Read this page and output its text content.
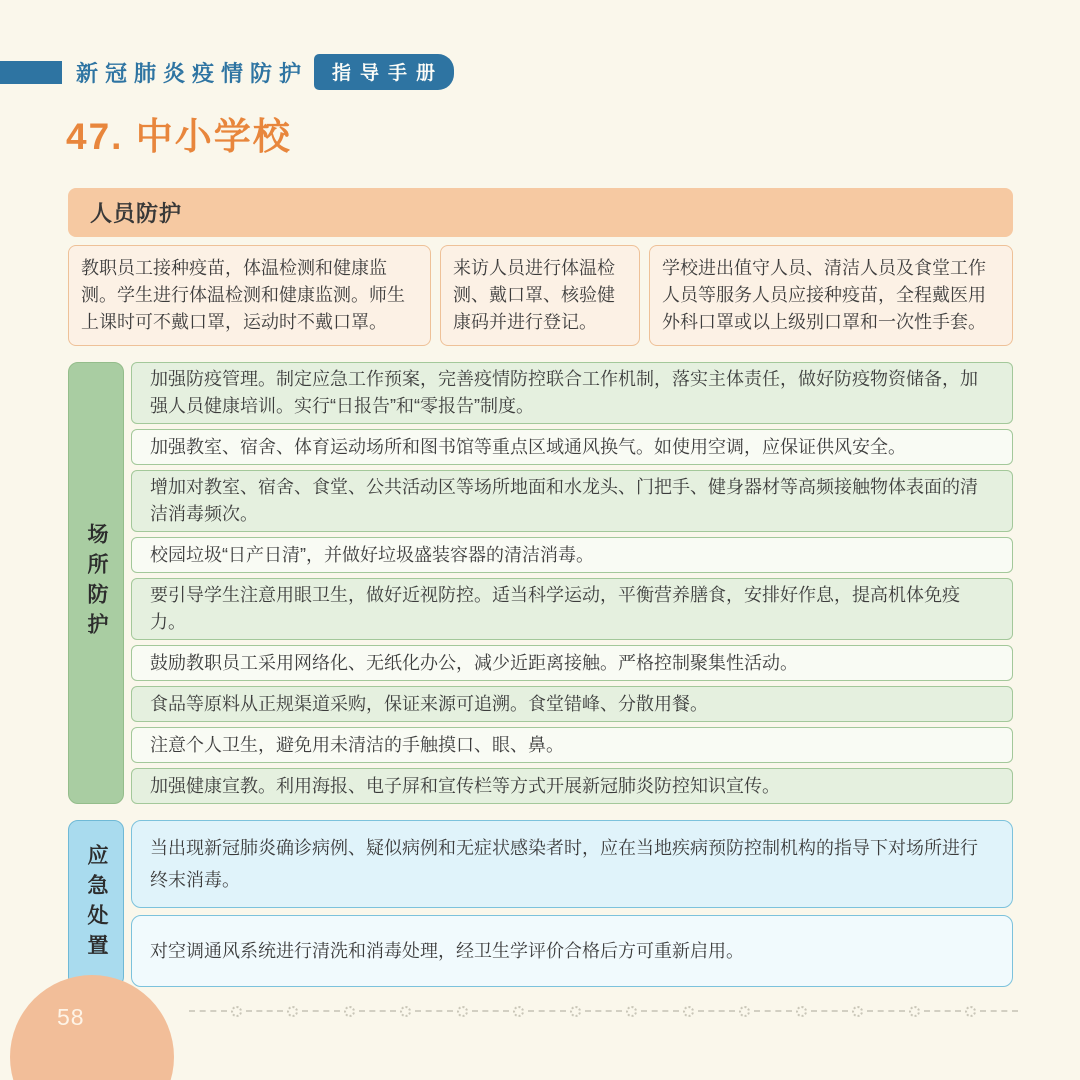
新冠肺炎疫情防护	指导手册
47. 中小学校
人员防护
教职员工接种疫苗，体温检测和健康监测。学生进行体温检测和健康监测。师生上课时可不戴口罩，运动时不戴口罩。
来访人员进行体温检测、戴口罩、核验健康码并进行登记。
学校进出值守人员、清洁人员及食堂工作人员等服务人员应接种疫苗，全程戴医用外科口罩或以上级别口罩和一次性手套。
场所防护
加强防疫管理。制定应急工作预案，完善疫情防控联合工作机制，落实主体责任，做好防疫物资储备，加强人员健康培训。实行“日报告”和“零报告”制度。
加强教室、宿舍、体育运动场所和图书馆等重点区域通风换气。如使用空调，应保证供风安全。
增加对教室、宿舍、食堂、公共活动区等场所地面和水龙头、门把手、健身器材等高频接触物体表面的清洁消毒频次。
校园垃圾“日产日清”，并做好垃圾盛装容器的清洁消毒。
要引导学生注意用眼卫生，做好近视防控。适当科学运动，平衡营养膳食，安排好作息，提高机体免疫力。
鼓励教职员工采用网络化、无纸化办公，减少近距离接触。严格控制聚集性活动。
食品等原料从正规渠道采购，保证来源可追溯。食堂错峰、分散用餐。
注意个人卫生，避免用未清洁的手触摸口、眼、鼻。
加强健康宣教。利用海报、电子屏和宣传栏等方式开展新冠肺炎防控知识宣传。
应急处置 当出现新冠肺炎确诊病例、疑似病例和无症状感染者时，应在当地疾病预防控制机构的指导下对场所进行终末消毒。
对空调通风系统进行清洗和消毒处理，经卫生学评价合格后方可重新启用。
58
